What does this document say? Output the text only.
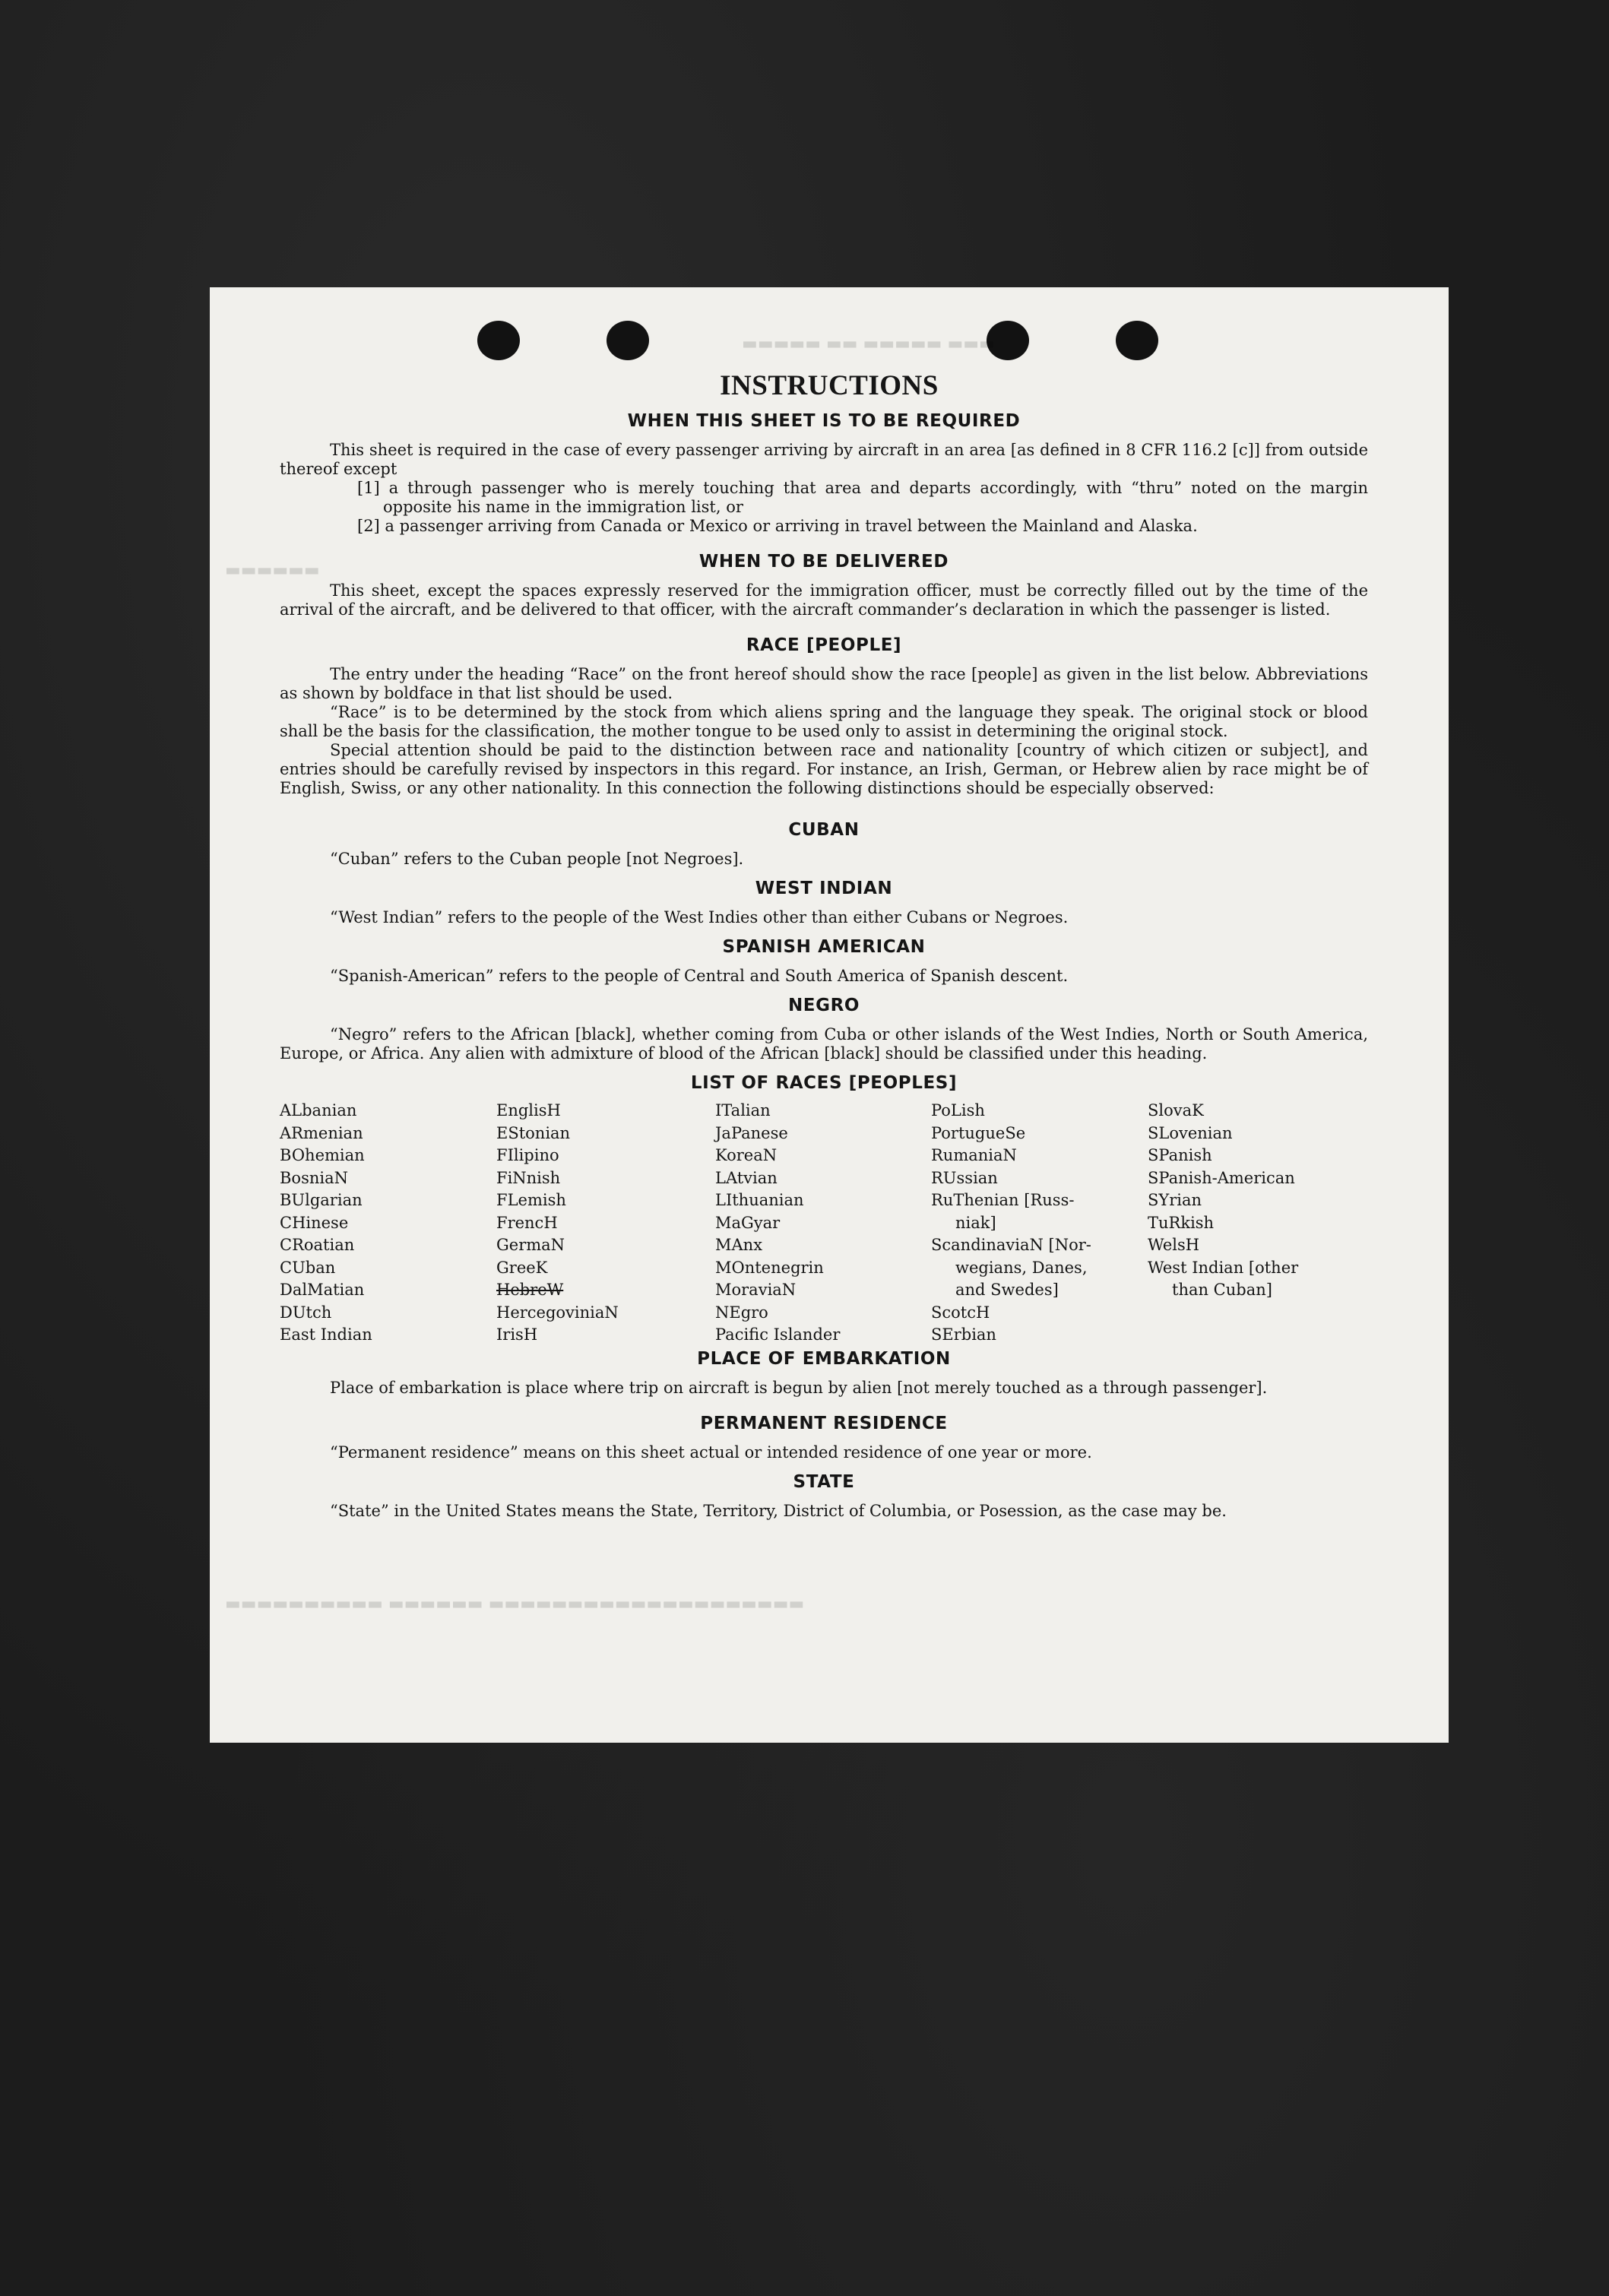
▬▬▬ ▬▬▬▬▬ ▬▬ ▬▬▬▬▬
▬▬▬▬▬▬
▬▬▬▬▬▬▬▬▬▬ ▬▬▬▬▬▬ ▬▬▬▬▬▬▬▬▬▬▬▬▬▬▬▬▬▬▬▬
INSTRUCTIONS
WHEN THIS SHEET IS TO BE REQUIRED

This sheet is required in the case of every passenger arriving by aircraft in an area [as defined in 8 CFR 116.2 [c]] from outside thereof except

[1] a through passenger who is merely touching that area and departs accordingly, with “thru” noted on the margin opposite his name in the immigration list, or

[2] a passenger arriving from Canada or Mexico or arriving in travel between the Mainland and Alaska.

WHEN TO BE DELIVERED

This sheet, except the spaces expressly reserved for the immigration officer, must be correctly filled out by the time of the arrival of the aircraft, and be delivered to that officer, with the aircraft commander’s declaration in which the passenger is listed.

RACE [PEOPLE]

The entry under the heading “Race” on the front hereof should show the race [people] as given in the list below. Abbreviations as shown by boldface in that list should be used.

“Race” is to be determined by the stock from which aliens spring and the language they speak. The original stock or blood shall be the basis for the classification, the mother tongue to be used only to assist in determining the original stock.

Special attention should be paid to the distinction between race and nationality [country of which citizen or subject], and entries should be carefully revised by inspectors in this regard. For instance, an Irish, German, or Hebrew alien by race might be of English, Swiss, or any other nationality. In this connection the following distinctions should be especially observed:

CUBAN

“Cuban” refers to the Cuban people [not Negroes].

WEST INDIAN

“West Indian” refers to the people of the West Indies other than either Cubans or Negroes.

SPANISH AMERICAN

“Spanish-American” refers to the people of Central and South America of Spanish descent.

NEGRO

“Negro” refers to the African [black], whether coming from Cuba or other islands of the West Indies, North or South America, Europe, or Africa. Any alien with admixture of blood of the African [black] should be classified under this heading.

LIST OF RACES [PEOPLES]
ALbanian
ARmenian
BOhemian
BosniaN
BUlgarian
CHinese
CRoatian
CUban
DalMatian
DUtch
East Indian
EnglisH
EStonian
FIlipino
FiNnish
FLemish
FrencH
GermaN
GreeK
HebreW
HercegoviniaN
IrisH
ITalian
JaPanese
KoreaN
LAtvian
LIthuanian
MaGyar
MAnx
MOntenegrin
MoraviaN
NEgro
Pacific Islander
PoLish
PortugueSe
RumaniaN
RUssian
RuThenian [Russ-
niak]
ScandinaviaN [Nor-
wegians, Danes,
and Swedes]
ScotcH
SErbian
SlovaK
SLovenian
SPanish
SPanish-American
SYrian
TuRkish
WelsH
West Indian [other
than Cuban]
PLACE OF EMBARKATION

Place of embarkation is place where trip on aircraft is begun by alien [not merely touched as a through passenger].

PERMANENT RESIDENCE

“Permanent residence” means on this sheet actual or intended residence of one year or more.

STATE

“State” in the United States means the State, Territory, District of Columbia, or Posession, as the case may be.
